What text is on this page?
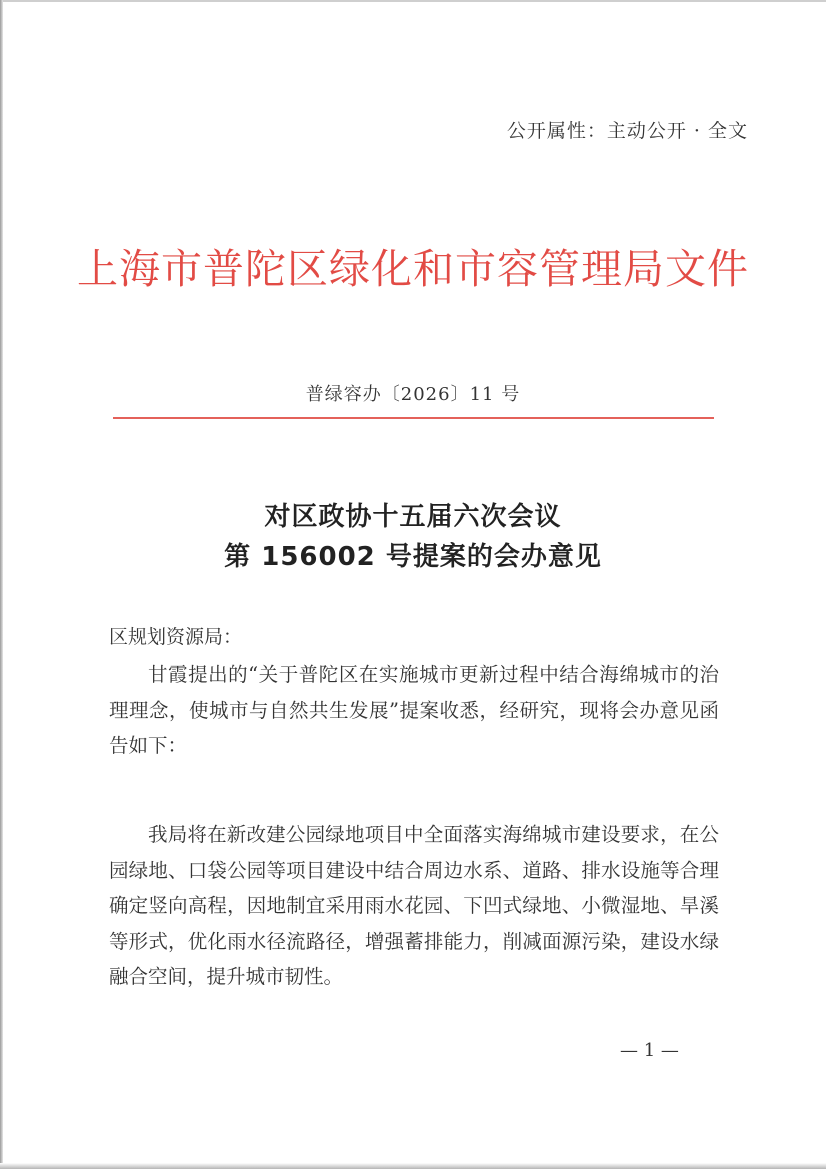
公开属性：主动公开 · 全文
上海市普陀区绿化和市容管理局文件
普绿容办〔2026〕11 号
对区政协十五届六次会议
第 156002 号提案的会办意见
区规划资源局：

甘霞提出的“关于普陀区在实施城市更新过程中结合海绵城市的治理理念，使城市与自然共生发展”提案收悉，经研究，现将会办意见函告如下：

我局将在新改建公园绿地项目中全面落实海绵城市建设要求，在公园绿地、口袋公园等项目建设中结合周边水系、道路、排水设施等合理确定竖向高程，因地制宜采用雨水花园、下凹式绿地、小微湿地、旱溪等形式，优化雨水径流路径，增强蓄排能力，削减面源污染，建设水绿融合空间，提升城市韧性。

— 1 —
